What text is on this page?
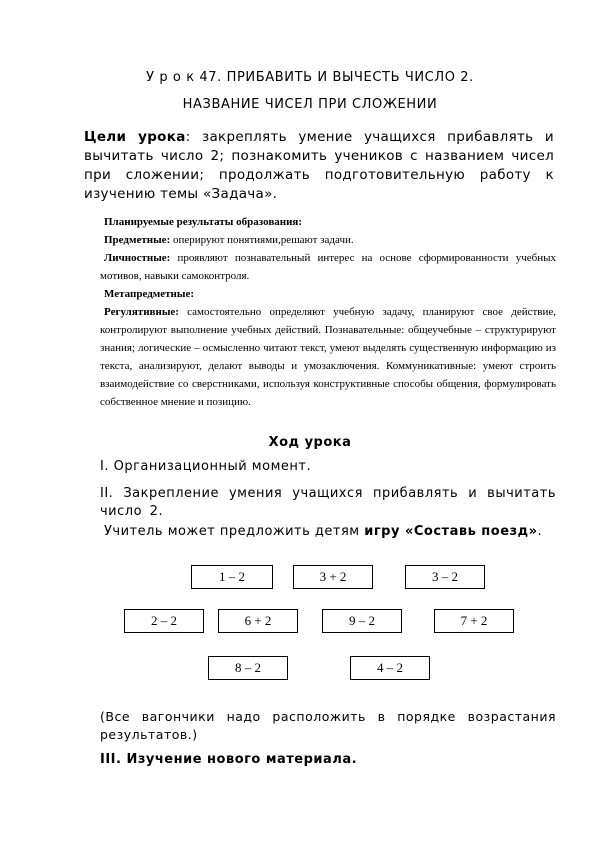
У р о к 47. ПРИБАВИТЬ И ВЫЧЕСТЬ ЧИСЛО 2.
НАЗВАНИЕ ЧИСЕЛ ПРИ СЛОЖЕНИИ
Цели урока: закреплять умение учащихся прибавлять и вычитать число 2; познакомить учеников с названием чисел при сложении; продолжать подготовительную работу к изучению темы «Задача».

Планируемые результаты образования:

Предметные: оперируют понятиями,решают задачи.

Личностные: проявляют познавательный интерес на основе сформированности учебных мотивов, навыки самоконтроля.

Метапредметные:

Регулятивные: самостоятельно определяют учебную задачу, планируют свое действие, контролируют выполнение учебных действий. Познавательные: общеучебные – структурируют знания; логические – осмысленно читают текст, умеют выделять существенную информацию из текста, анализируют, делают выводы и умозаключения. Коммуникативные: умеют строить взаимодействие со сверстниками, используя конструктивные способы общения, формулировать собственное мнение и позицию.

Ход урока
I. Организационный момент.
II. Закрепление умения учащихся прибавлять и вычитать число 2.
Учитель может предложить детям игру «Составь поезд».
1 – 2	3 + 2	3 – 2
2 – 2	6 + 2	9 – 2	7 + 2
8 – 2	4 – 2
(Все вагончики надо расположить в порядке возрастания результатов.)
III. Изучение нового материала.
